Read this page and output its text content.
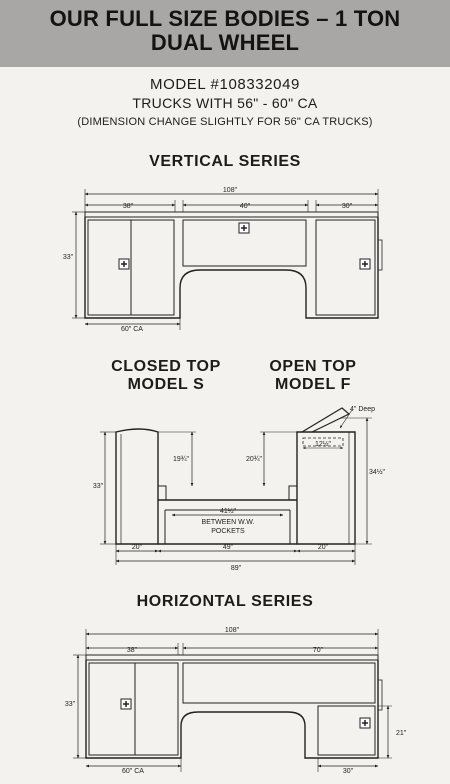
OUR FULL SIZE BODIES – 1 TON
DUAL WHEEL
MODEL #108332049
TRUCKS WITH 56" - 60" CA
(DIMENSION CHANGE SLIGHTLY FOR 56" CA TRUCKS)
VERTICAL SERIES
CLOSED TOP
MODEL S
OPEN TOP
MODEL F
HORIZONTAL SERIES
108"
38"	40"	30"
33"
60" CA
4" Deep
12½"
19¾"	20¾"
34½"
33"
41½"
BETWEEN W.W.
POCKETS
20"	49"	20"
89"
108"
38"	70"
33"
21"
60" CA	30"
